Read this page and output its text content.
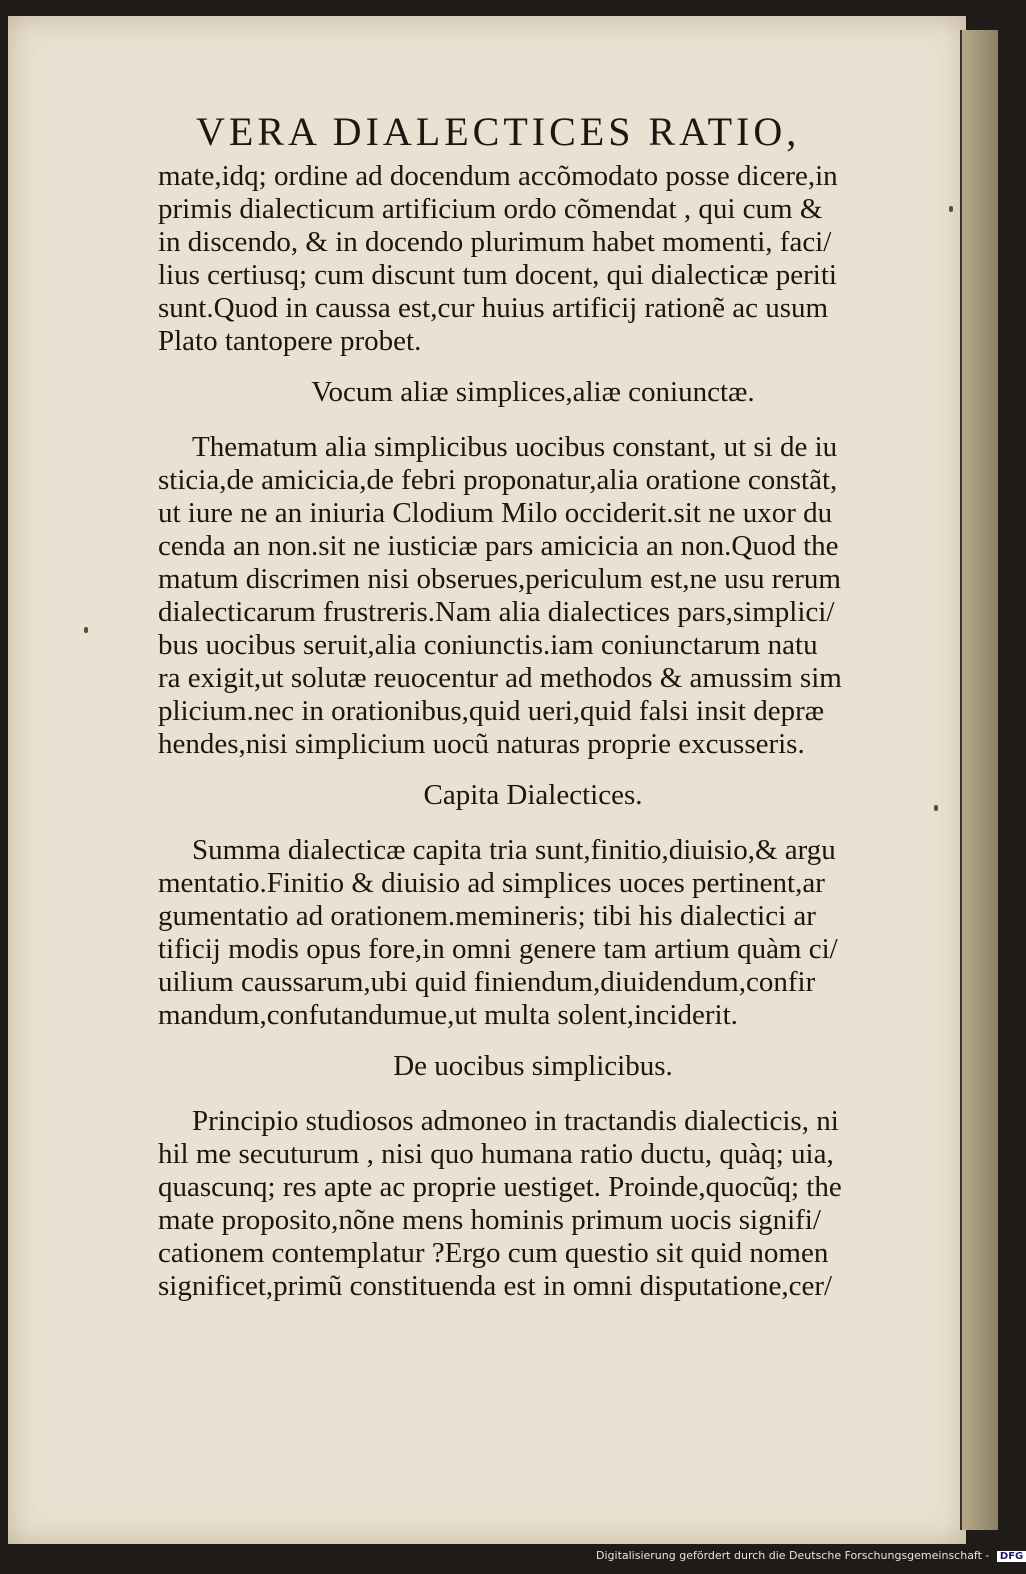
VERA DIALECTICES RATIO,
mate,idq; ordine ad docendum accõmodato posse dicere,in
primis dialecticum artificium ordo cõmendat , qui cum &
in discendo, & in docendo plurimum habet momenti, faci/
lius certiusq; cum discunt tum docent, qui dialecticæ periti
sunt.Quod in caussa est,cur huius artificij rationẽ ac usum
Plato tantopere probet.
Vocum aliæ simplices,aliæ coniunctæ.
Thematum alia simplicibus uocibus constant, ut si de iu
sticia,de amicicia,de febri proponatur,alia oratione constãt,
ut iure ne an iniuria Clodium Milo occiderit.sit ne uxor du
cenda an non.sit ne iusticiæ pars amicicia an non.Quod the
matum discrimen nisi obserues,periculum est,ne usu rerum
dialecticarum frustreris.Nam alia dialectices pars,simplici/
bus uocibus seruit,alia coniunctis.iam coniunctarum natu
ra exigit,ut solutæ reuocentur ad methodos & amussim sim
plicium.nec in orationibus,quid ueri,quid falsi insit depræ
hendes,nisi simplicium uocũ naturas proprie excusseris.
Capita Dialectices.
Summa dialecticæ capita tria sunt,finitio,diuisio,& argu
mentatio.Finitio & diuisio ad simplices uoces pertinent,ar
gumentatio ad orationem.memineris; tibi his dialectici ar
tificij modis opus fore,in omni genere tam artium quàm ci/
uilium caussarum,ubi quid finiendum,diuidendum,confir
mandum,confutandumue,ut multa solent,inciderit.
De uocibus simplicibus.
Principio studiosos admoneo in tractandis dialecticis, ni
hil me secuturum , nisi quo humana ratio ductu, quàq; uia,
quascunq; res apte ac proprie uestiget. Proinde,quocũq; the
mate proposito,nõne mens hominis primum uocis signifi/
cationem contemplatur ?Ergo cum questio sit quid nomen
significet,primũ constituenda est in omni disputatione,cer/
Digitalisierung gefördert durch die Deutsche Forschungsgemeinschaft - DFG
